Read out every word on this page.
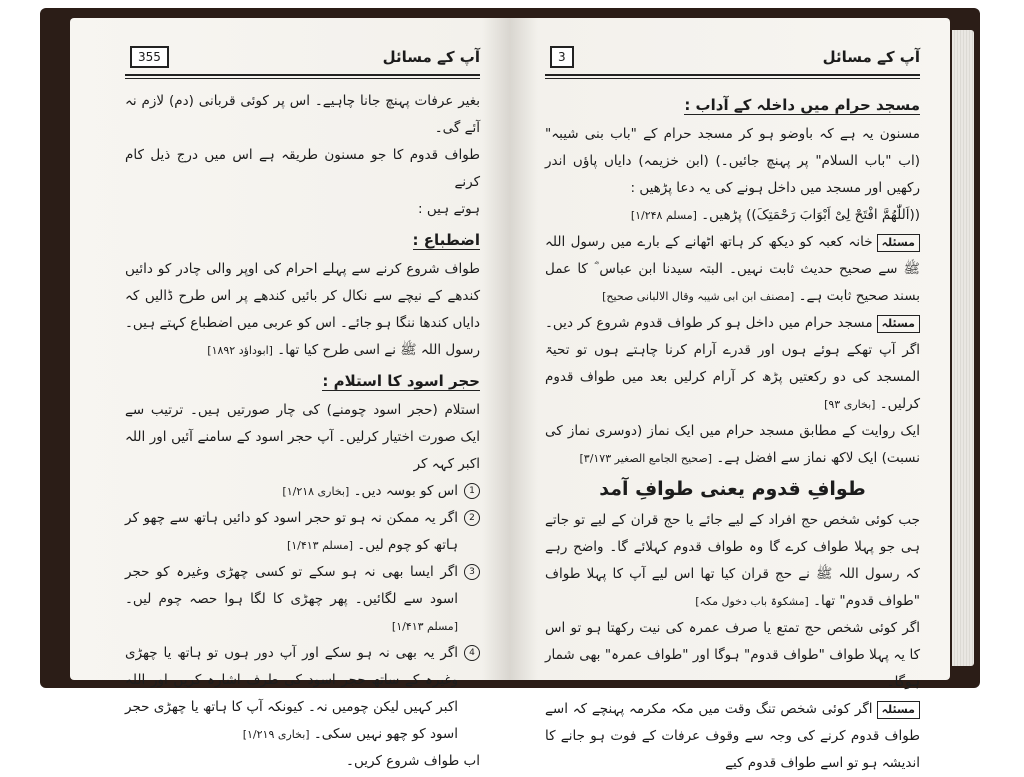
آپ کے مسائل
355

بغیر عرفات پہنچ جانا چاہیے۔ اس پر کوئی قربانی (دم) لازم نہ آئے گی۔

طواف قدوم کا جو مسنون طریقہ ہے اس میں درج ذیل کام کرنے

ہوتے ہیں :

اضطباع :

طواف شروع کرنے سے پہلے احرام کی اوپر والی چادر کو دائیں کندھے کے نیچے سے نکال کر بائیں کندھے پر اس طرح ڈالیں کہ دایاں کندھا ننگا ہو جائے۔ اس کو عربی میں اضطباع کہتے ہیں۔ رسول اللہ ﷺ نے اسی طرح کیا تھا۔ [ابوداؤد ۱۸۹۲]

حجر اسود کا استلام :

استلام (حجر اسود چومنے) کی چار صورتیں ہیں۔ ترتیب سے ایک صورت اختیار کرلیں۔ آپ حجر اسود کے سامنے آئیں اور اللہ اکبر کہہ کر

1
اس کو بوسہ دیں۔ [بخاری ۱/۲۱۸]
2
اگر یہ ممکن نہ ہو تو حجر اسود کو دائیں ہاتھ سے چھو کر ہاتھ کو چوم لیں۔ [مسلم ۱/۴۱۳]
3
اگر ایسا بھی نہ ہو سکے تو کسی چھڑی وغیرہ کو حجر اسود سے لگائیں۔ پھر چھڑی کا لگا ہوا حصہ چوم لیں۔ [مسلم ۱/۴۱۳]
4
اگر یہ بھی نہ ہو سکے اور آپ دور ہوں تو ہاتھ یا چھڑی وغیرہ کے ساتھ حجر اسود کی طرف اشارہ کریں اور اللہ اکبر کہیں لیکن چومیں نہ۔ کیونکہ آپ کا ہاتھ یا چھڑی حجر اسود کو چھو نہیں سکی۔ [بخاری ۱/۲۱۹]

اب طواف شروع کریں۔

آپ کے مسائل
3
مسجد حرام میں داخلہ کے آداب :

مسنون یہ ہے کہ باوضو ہو کر مسجد حرام کے "باب بنی شیبہ" (اب "باب السلام" پر پہنچ جائیں۔) (ابن خزیمہ) دایاں پاؤں اندر رکھیں اور مسجد میں داخل ہونے کی یہ دعا پڑھیں :

((اَللّٰھُمَّ افْتَحْ لِیْ اَبْوَابَ رَحْمَتِکَ)) پڑھیں۔ [مسلم ۱/۲۴۸]

مسئلہخانہ کعبہ کو دیکھ کر ہاتھ اٹھانے کے بارے میں رسول اللہ ﷺ سے صحیح حدیث ثابت نہیں۔ البتہ سیدنا ابن عباس ؓ کا عمل بسند صحیح ثابت ہے۔ [مصنف ابن ابی شیبہ وقال الالبانی صحیح]

مسئلہمسجد حرام میں داخل ہو کر طواف قدوم شروع کر دیں۔ اگر آپ تھکے ہوئے ہوں اور قدرے آرام کرنا چاہتے ہوں تو تحیۃ المسجد کی دو رکعتیں پڑھ کر آرام کرلیں بعد میں طواف قدوم کرلیں۔ [بخاری ۹۳]

ایک روایت کے مطابق مسجد حرام میں ایک نماز (دوسری نماز کی نسبت) ایک لاکھ نماز سے افضل ہے۔ [صحیح الجامع الصغیر ۳/۱۷۳]

طوافِ قدوم یعنی طوافِ آمد

جب کوئی شخص حج افراد کے لیے جائے یا حج قران کے لیے تو جاتے ہی جو پہلا طواف کرے گا وہ طواف قدوم کہلائے گا۔ واضح رہے کہ رسول اللہ ﷺ نے حج قران کیا تھا اس لیے آپ کا پہلا طواف "طواف قدوم" تھا۔ [مشکوۃ باب دخول مکہ]

اگر کوئی شخص حج تمتع یا صرف عمرہ کی نیت رکھتا ہو تو اس کا یہ پہلا طواف "طواف قدوم" ہوگا اور "طواف عمرہ" بھی شمار ہوگا۔

مسئلہاگر کوئی شخص تنگ وقت میں مکہ مکرمہ پہنچے کہ اسے طواف قدوم کرنے کی وجہ سے وقوف عرفات کے فوت ہو جانے کا اندیشہ ہو تو اسے طواف قدوم کیے
